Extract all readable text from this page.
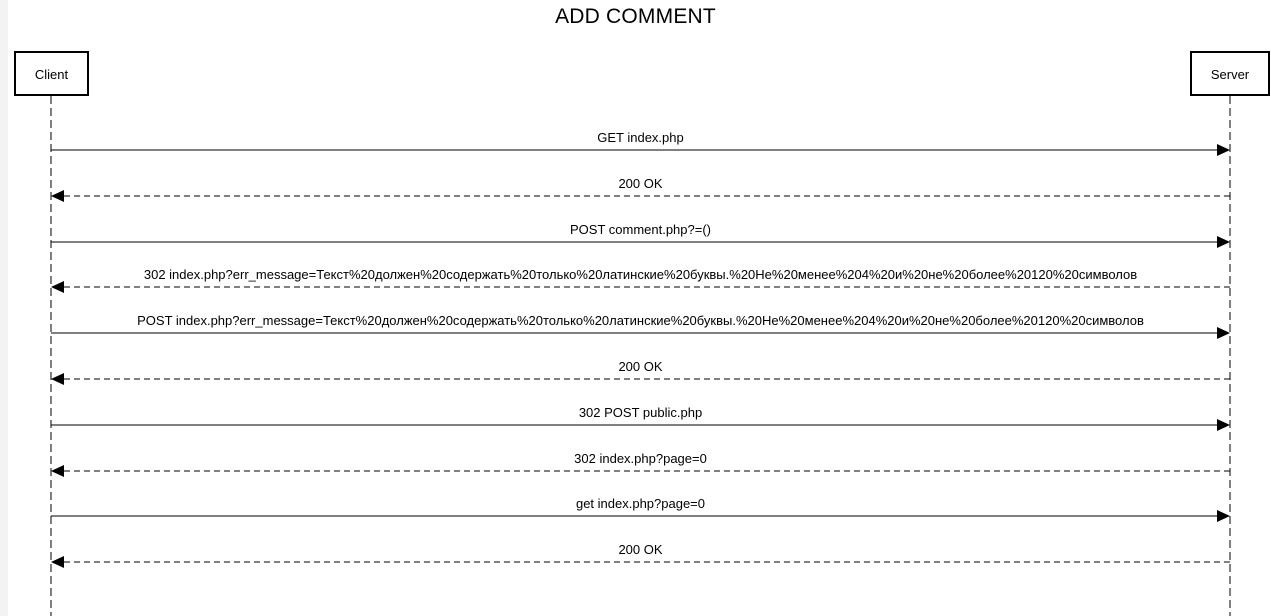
ADD COMMENT
Client	Server
GET index.php
200 OK
POST comment.php?=()
302 index.php?err_message=Текст%20должен%20содержать%20только%20латинские%20буквы.%20Не%20менее%204%20и%20не%20более%20120%20символов
POST index.php?err_message=Текст%20должен%20содержать%20только%20латинские%20буквы.%20Не%20менее%204%20и%20не%20более%20120%20символов
200 OK
302 POST public.php
302 index.php?page=0
get index.php?page=0
200 OK
